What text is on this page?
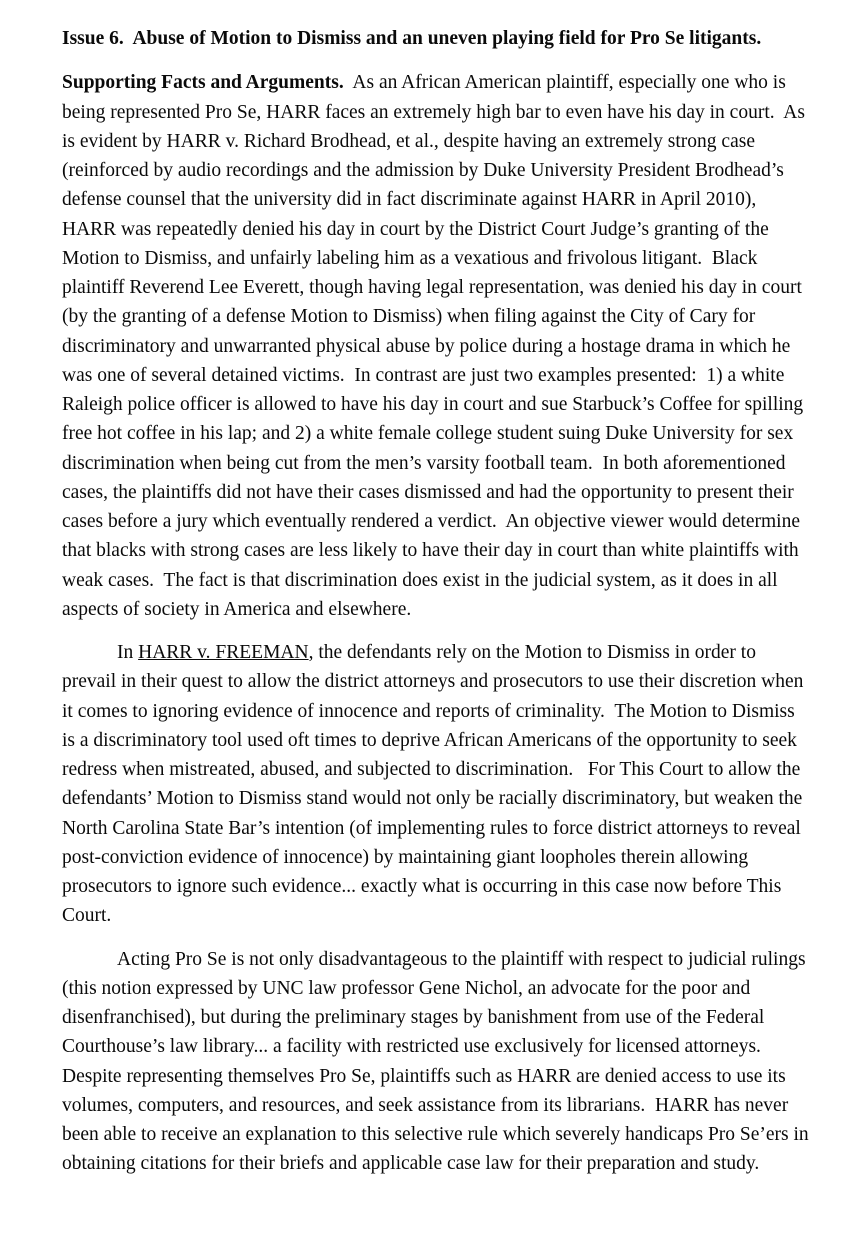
Issue 6.  Abuse of Motion to Dismiss and an uneven playing field for Pro Se litigants.

Supporting Facts and Arguments.  As an African American plaintiff, especially one who is being represented Pro Se, HARR faces an extremely high bar to even have his day in court.  As is evident by HARR v. Richard Brodhead, et al., despite having an extremely strong case (reinforced by audio recordings and the admission by Duke University President Brodhead’s defense counsel that the university did in fact discriminate against HARR in April 2010), HARR was repeatedly denied his day in court by the District Court Judge’s granting of the Motion to Dismiss, and unfairly labeling him as a vexatious and frivolous litigant.  Black plaintiff Reverend Lee Everett, though having legal representation, was denied his day in court (by the granting of a defense Motion to Dismiss) when filing against the City of Cary for discriminatory and unwarranted physical abuse by police during a hostage drama in which he was one of several detained victims.  In contrast are just two examples presented:  1) a white Raleigh police officer is allowed to have his day in court and sue Starbuck’s Coffee for spilling free hot coffee in his lap; and 2) a white female college student suing Duke University for sex discrimination when being cut from the men’s varsity football team.  In both aforementioned cases, the plaintiffs did not have their cases dismissed and had the opportunity to present their cases before a jury which eventually rendered a verdict.  An objective viewer would determine that blacks with strong cases are less likely to have their day in court than white plaintiffs with weak cases.  The fact is that discrimination does exist in the judicial system, as it does in all aspects of society in America and elsewhere.

In HARR v. FREEMAN, the defendants rely on the Motion to Dismiss in order to prevail in their quest to allow the district attorneys and prosecutors to use their discretion when it comes to ignoring evidence of innocence and reports of criminality.  The Motion to Dismiss is a discriminatory tool used oft times to deprive African Americans of the opportunity to seek redress when mistreated, abused, and subjected to discrimination.   For This Court to allow the defendants’ Motion to Dismiss stand would not only be racially discriminatory, but weaken the North Carolina State Bar’s intention (of implementing rules to force district attorneys to reveal post-conviction evidence of innocence) by maintaining giant loopholes therein allowing prosecutors to ignore such evidence... exactly what is occurring in this case now before This Court.

Acting Pro Se is not only disadvantageous to the plaintiff with respect to judicial rulings (this notion expressed by UNC law professor Gene Nichol, an advocate for the poor and disenfranchised), but during the preliminary stages by banishment from use of the Federal Courthouse’s law library... a facility with restricted use exclusively for licensed attorneys.  Despite representing themselves Pro Se, plaintiffs such as HARR are denied access to use its volumes, computers, and resources, and seek assistance from its librarians.  HARR has never been able to receive an explanation to this selective rule which severely handicaps Pro Se’ers in obtaining citations for their briefs and applicable case law for their preparation and study.
